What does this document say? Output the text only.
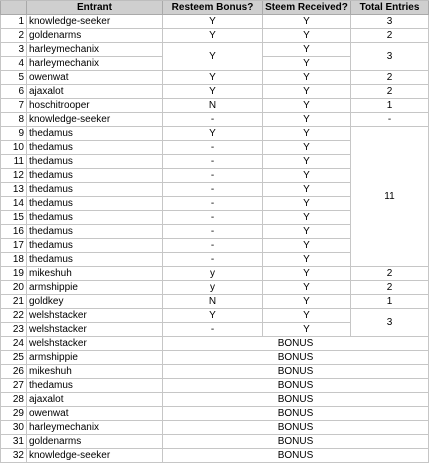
	Entrant	Resteem Bonus?	Steem Received?	Total Entries
1	knowledge-seeker	Y	Y	3
2	goldenarms	Y	Y	2
3	harleymechanix	Y	Y	3
4	harleymechanix		Y	
5	owenwat	Y	Y	2
6	ajaxalot	Y	Y	2
7	hoschitrooper	N	Y	1
8	knowledge-seeker	-	Y	-
9	thedamus	Y	Y	11
10	thedamus	-	Y	
11	thedamus	-	Y	
12	thedamus	-	Y	
13	thedamus	-	Y	
14	thedamus	-	Y	
15	thedamus	-	Y	
16	thedamus	-	Y	
17	thedamus	-	Y	
18	thedamus	-	Y	
19	mikeshuh	y	Y	2
20	armshippie	y	Y	2
21	goldkey	N	Y	1
22	welshstacker	Y	Y	3
23	welshstacker	-	Y	
24	welshstacker	BONUS		
25	armshippie	BONUS		
26	mikeshuh	BONUS		
27	thedamus	BONUS		
28	ajaxalot	BONUS		
29	owenwat	BONUS		
30	harleymechanix	BONUS		
31	goldenarms	BONUS		
32	knowledge-seeker	BONUS		
